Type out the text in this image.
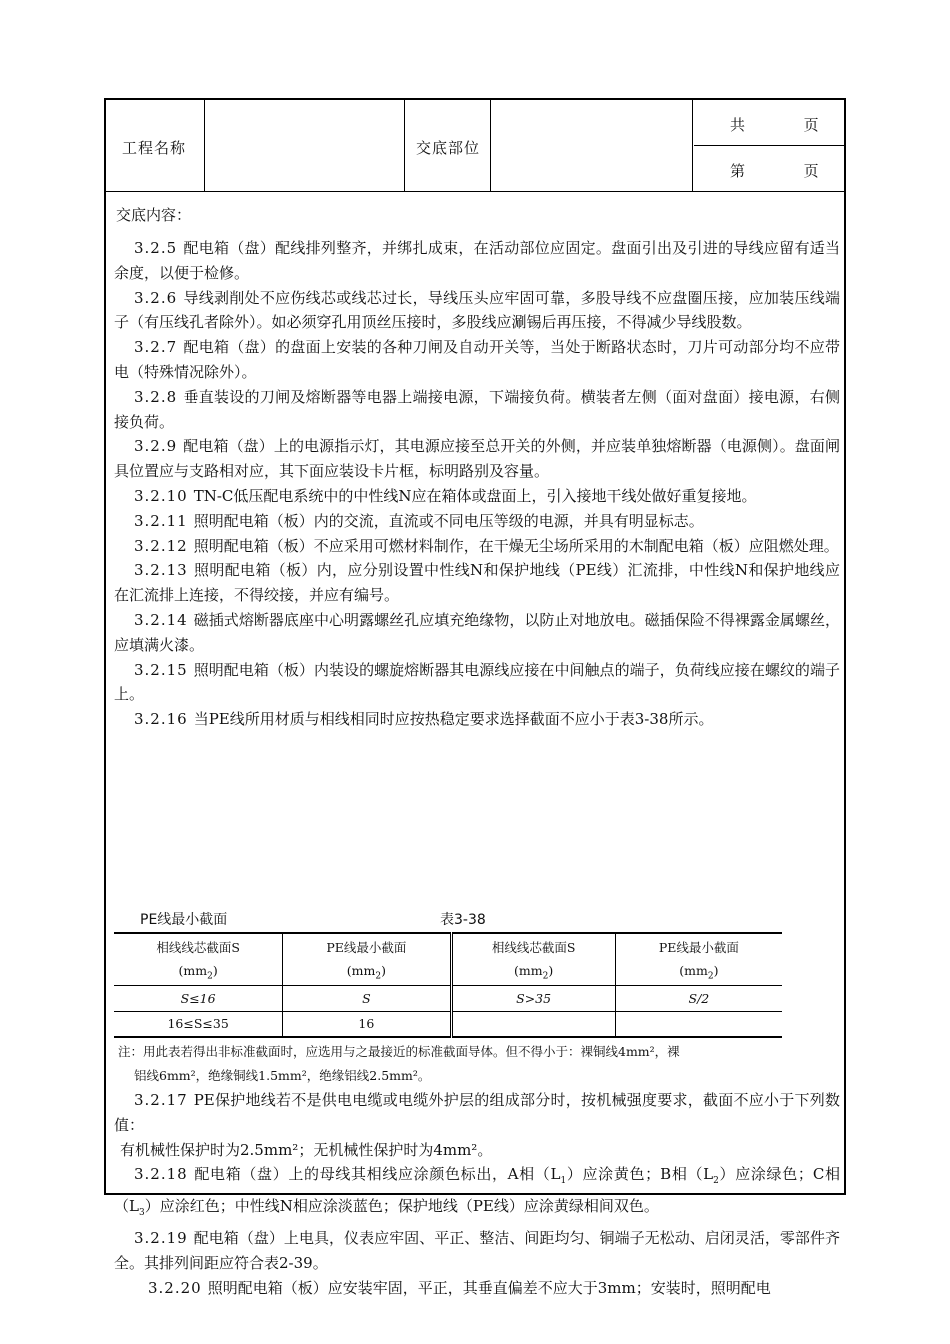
工程名称	交底部位
共          页
第          页
交底内容：

3.2.5 配电箱（盘）配线排列整齐，并绑扎成束，在活动部位应固定。盘面引出及引进的导线应留有适当余度，以便于检修。

3.2.6 导线剥削处不应伤线芯或线芯过长，导线压头应牢固可靠，多股导线不应盘圈压接，应加装压线端子（有压线孔者除外）。如必须穿孔用顶丝压接时，多股线应涮锡后再压接，不得减少导线股数。

3.2.7 配电箱（盘）的盘面上安装的各种刀闸及自动开关等，当处于断路状态时，刀片可动部分均不应带电（特殊情况除外）。

3.2.8 垂直装设的刀闸及熔断器等电器上端接电源，下端接负荷。横装者左侧（面对盘面）接电源，右侧接负荷。

3.2.9 配电箱（盘）上的电源指示灯，其电源应接至总开关的外侧，并应装单独熔断器（电源侧）。盘面闸具位置应与支路相对应，其下面应装设卡片框，标明路别及容量。

3.2.10 TN-C低压配电系统中的中性线N应在箱体或盘面上，引入接地干线处做好重复接地。

3.2.11 照明配电箱（板）内的交流，直流或不同电压等级的电源，并具有明显标志。

3.2.12 照明配电箱（板）不应采用可燃材料制作，在干燥无尘场所采用的木制配电箱（板）应阻燃处理。

3.2.13 照明配电箱（板）内，应分别设置中性线N和保护地线（PE线）汇流排，中性线N和保护地线应在汇流排上连接，不得绞接，并应有编号。

3.2.14 磁插式熔断器底座中心明露螺丝孔应填充绝缘物，以防止对地放电。磁插保险不得裸露金属螺丝，应填满火漆。

3.2.15 照明配电箱（板）内装设的螺旋熔断器其电源线应接在中间触点的端子，负荷线应接在螺纹的端子上。

3.2.16 当PE线所用材质与相线相同时应按热稳定要求选择截面不应小于表3-38所示。

PE线最小截面	表3-38
相线线芯截面S	PE线最小截面	相线线芯截面S	PE线最小截面
$(mm_2)$	$(mm_2)$	$(mm_2)$	$(mm_2)$
S≤16	S	S>35	S/2
16≤S≤35	16		
注：用此表若得出非标准截面时，应选用与之最接近的标准截面导体。但不得小于：裸铜线4mm²，裸
铝线6mm²，绝缘铜线1.5mm²，绝缘铝线2.5mm²。

3.2.17 PE保护地线若不是供电电缆或电缆外护层的组成部分时，按机械强度要求，截面不应小于下列数值：

有机械性保护时为2.5mm²；无机械性保护时为4mm²。

3.2.18 配电箱（盘）上的母线其相线应涂颜色标出，A相$(L_1)$应涂黄色；B相$(L_2)$应涂绿色；C相$(L_3)$应涂红色；中性线N相应涂淡蓝色；保护地线（PE线）应涂黄绿相间双色。

3.2.19 配电箱（盘）上电具，仪表应牢固、平正、整洁、间距均匀、铜端子无松动、启闭灵活，零部件齐全。其排列间距应符合表2-39。

3.2.20 照明配电箱（板）应安装牢固，平正，其垂直偏差不应大于3mm；安装时，照明配电
